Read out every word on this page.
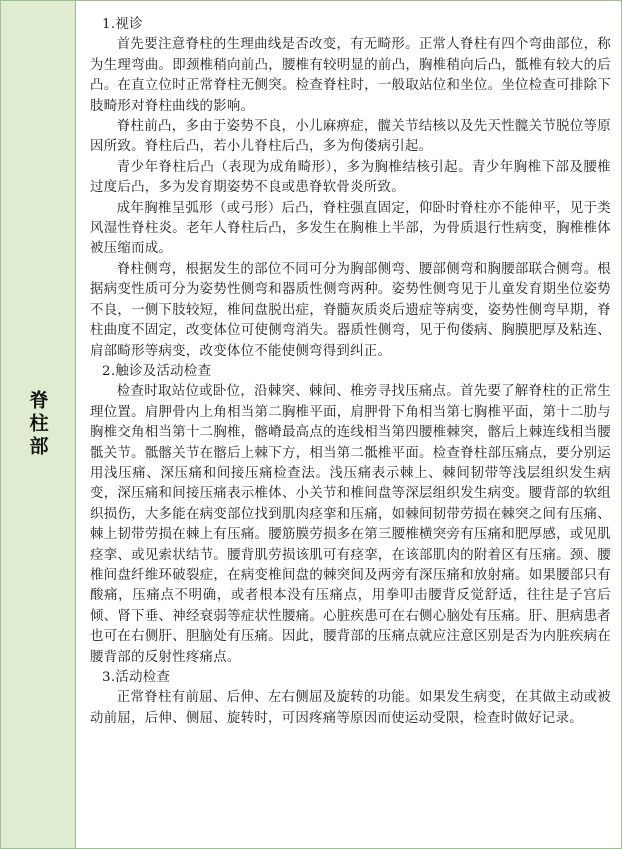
脊柱部
1.视诊

首先要注意脊柱的生理曲线是否改变，有无畸形。正常人脊柱有四个弯曲部位，称为生理弯曲。即颈椎稍向前凸，腰椎有较明显的前凸，胸椎稍向后凸，骶椎有较大的后凸。在直立位时正常脊柱无侧突。检查脊柱时，一般取站位和坐位。坐位检查可排除下肢畸形对脊柱曲线的影响。

脊柱前凸，多由于姿势不良，小儿麻痹症，髋关节结核以及先天性髋关节脱位等原因所致。脊柱后凸，若小儿脊柱后凸，多为佝偻病引起。

青少年脊柱后凸（表现为成角畸形），多为胸椎结核引起。青少年胸椎下部及腰椎过度后凸，多为发育期姿势不良或患脊软骨炎所致。

成年胸椎呈弧形（或弓形）后凸，脊柱强直固定，仰卧时脊柱亦不能伸平，见于类风湿性脊柱炎。老年人脊柱后凸，多发生在胸椎上半部，为骨质退行性病变，胸椎椎体被压缩而成。

脊柱侧弯，根据发生的部位不同可分为胸部侧弯、腰部侧弯和胸腰部联合侧弯。根据病变性质可分为姿势性侧弯和器质性侧弯两种。姿势性侧弯见于儿童发育期坐位姿势不良，一侧下肢较短，椎间盘脱出症，脊髓灰质炎后遗症等病变，姿势性侧弯早期，脊柱曲度不固定，改变体位可使侧弯消失。器质性侧弯，见于佝偻病、胸膜肥厚及粘连、肩部畸形等病变，改变体位不能使侧弯得到纠正。

2.触诊及活动检查

检查时取站位或卧位，沿棘突、棘间、椎旁寻找压痛点。首先要了解脊柱的正常生理位置。肩胛骨内上角相当第二胸椎平面，肩胛骨下角相当第七胸椎平面，第十二肋与胸椎交角相当第十二胸椎，髂嵴最高点的连线相当第四腰椎棘突，髂后上棘连线相当腰骶关节。骶髂关节在髂后上棘下方，相当第二骶椎平面。检查脊柱部压痛点，要分别运用浅压痛、深压痛和间接压痛检查法。浅压痛表示棘上、棘间韧带等浅层组织发生病变，深压痛和间接压痛表示椎体、小关节和椎间盘等深层组织发生病变。腰背部的软组织损伤，大多能在病变部位找到肌肉痉挛和压痛，如棘间韧带劳损在棘突之间有压痛、棘上韧带劳损在棘上有压痛。腰筋膜劳损多在第三腰椎横突旁有压痛和肥厚感，或见肌痉挛、或见索状结节。腰背肌劳损该肌可有痉挛，在该部肌肉的附着区有压痛。颈、腰椎间盘纤维环破裂症，在病变椎间盘的棘突间及两旁有深压痛和放射痛。如果腰部只有酸痛，压痛点不明确，或者根本没有压痛点，用拳叩击腰背反觉舒适，往往是子宫后倾、肾下垂、神经衰弱等症状性腰痛。心脏疾患可在右侧心脑处有压痛。肝、胆病患者也可在右侧肝、胆脑处有压痛。因此，腰背部的压痛点就应注意区别是否为内脏疾病在腰背部的反射性疼痛点。

3.活动检查

正常脊柱有前屈、后伸、左右侧屈及旋转的功能。如果发生病变，在其做主动或被动前屈，后伸、侧屈、旋转时，可因疼痛等原因而使运动受限，检查时做好记录。
